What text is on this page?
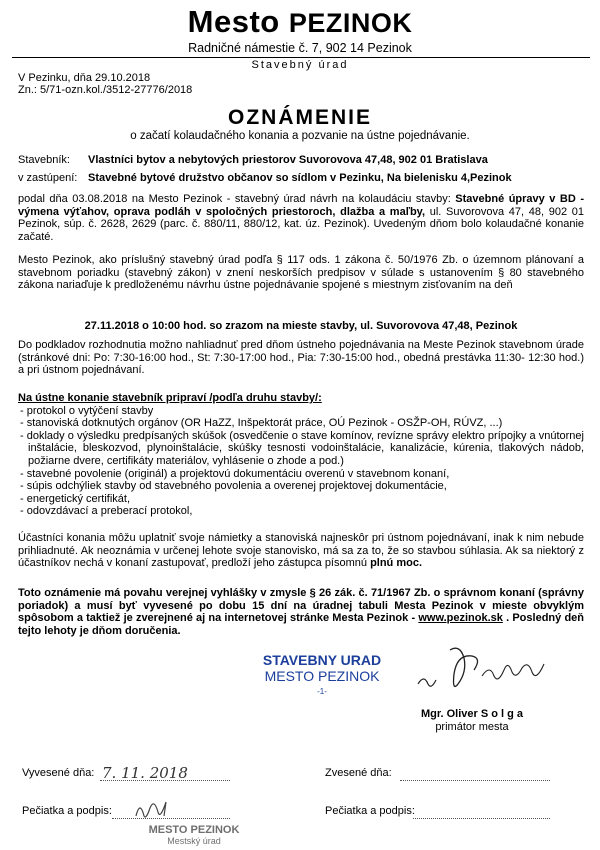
Mesto PEZINOK
Radničné námestie č. 7, 902 14 Pezinok
Stavebný úrad
V Pezinku, dňa 29.10.2018
Zn.: 5/71-ozn.kol./3512-27776/2018
OZNÁMENIE
o začatí kolaudačného konania a pozvanie na ústne pojednávanie.
Stavebník:	Vlastníci bytov a nebytových priestorov Suvorovova 47,48, 902 01 Bratislava
v zastúpení: Stavebné bytové družstvo občanov so sídlom v Pezinku, Na bielenisku 4,Pezinok
podal dňa 03.08.2018 na Mesto Pezinok - stavebný úrad návrh na kolaudáciu stavby: Stavebné úpravy v BD - výmena výťahov, oprava podláh v spoločných priestoroch, dlažba a maľby, ul. Suvorovova 47, 48, 902 01 Pezinok, súp. č. 2628, 2629 (parc. č. 880/11, 880/12, kat. úz. Pezinok). Uvedeným dňom bolo kolaudačné konanie začaté.
Mesto Pezinok, ako príslušný stavebný úrad podľa § 117 ods. 1 zákona č. 50/1976 Zb. o územnom plánovaní a stavebnom poriadku (stavebný zákon) v znení neskorších predpisov v súlade s ustanovením § 80 stavebného zákona nariaďuje k predloženému návrhu ústne pojednávanie spojené s miestnym zisťovaním na deň
27.11.2018 o 10:00 hod. so zrazom na mieste stavby, ul. Suvorovova 47,48, Pezinok
Do podkladov rozhodnutia možno nahliadnuť pred dňom ústneho pojednávania na Meste Pezinok stavebnom úrade (stránkové dni: Po: 7:30-16:00 hod., St: 7:30-17:00 hod., Pia: 7:30-15:00 hod., obedná prestávka 11:30- 12:30 hod.) a pri ústnom pojednávaní.
Na ústne konanie stavebník pripraví /podľa druhu stavby/:
- protokol o vytýčení stavby
- stanoviská dotknutých orgánov (OR HaZZ, Inšpektorát práce, OÚ Pezinok - OSŽP-OH, RÚVZ, ...)
- doklady o výsledku predpísaných skúšok (osvedčenie o stave komínov, revízne správy elektro prípojky a vnútornej inštalácie, bleskozvod, plynoinštalácie, skúšky tesnosti vodoinštalácie, kanalizácie, kúrenia, tlakových nádob, požiarne dvere, certifikáty materiálov, vyhlásenie o zhode a pod.)
- stavebné povolenie (originál) a projektovú dokumentáciu overenú v stavebnom konaní,
- súpis odchýliek stavby od stavebného povolenia a overenej projektovej dokumentácie,
- energetický certifikát,
- odovzdávací a preberací protokol,
Účastníci konania môžu uplatniť svoje námietky a stanoviská najneskôr pri ústnom pojednávaní, inak k nim nebude prihliadnuté. Ak neoznámia v určenej lehote svoje stanovisko, má sa za to, že so stavbou súhlasia. Ak sa niektorý z účastníkov nechá v konaní zastupovať, predloží jeho zástupca písomnú plnú moc.
Toto oznámenie má povahu verejnej vyhlášky v zmysle § 26 zák. č. 71/1967 Zb. o správnom konaní (správny poriadok) a musí byť vyvesené po dobu 15 dní na úradnej tabuli Mesta Pezinok v mieste obvyklým spôsobom a taktiež je zverejnené aj na internetovej stránke Mesta Pezinok - www.pezinok.sk . Posledný deň tejto lehoty je dňom doručenia.
STAVEBNY URAD
MESTO PEZINOK
-1-
Mgr. Oliver S o l g a
primátor mesta
Vyvesené dňa: 7. 11. 2018	Zvesené dňa:
Pečiatka a podpis:	Pečiatka a podpis:
MESTO PEZINOK
Mestský úrad
